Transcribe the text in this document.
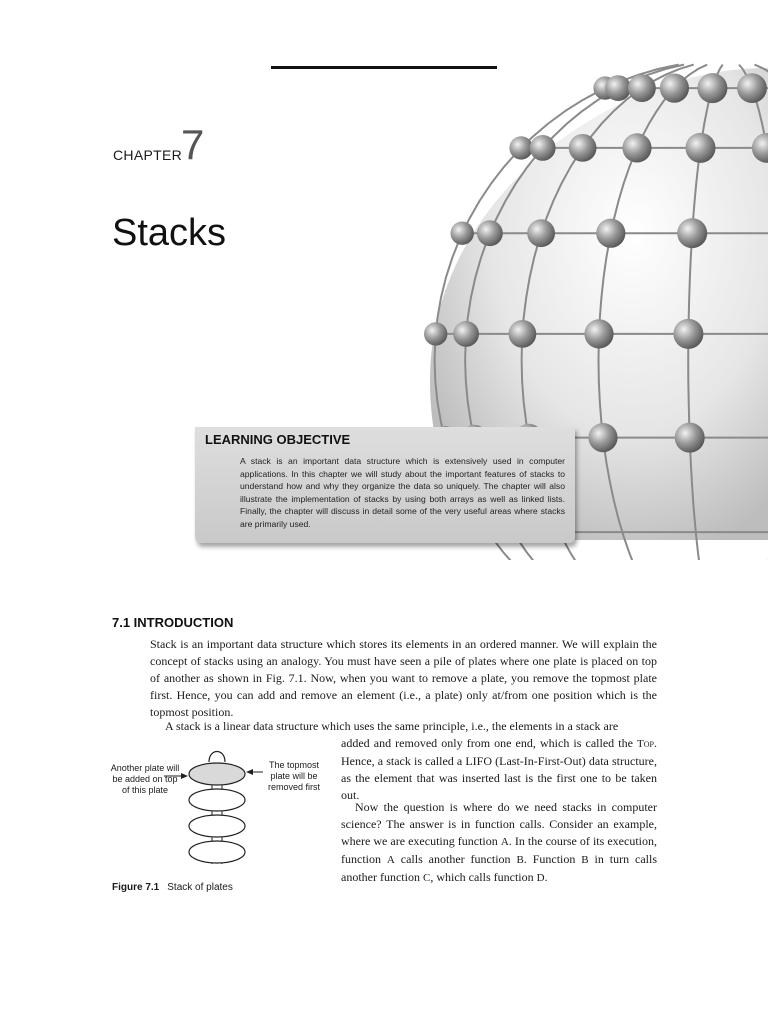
CHAPTER 7
Stacks
LEARNING OBJECTIVE
A stack is an important data structure which is extensively used in computer applications. In this chapter we will study about the important features of stacks to understand how and why they organize the data so uniquely. The chapter will also illustrate the implementation of stacks by using both arrays as well as linked lists. Finally, the chapter will discuss in detail some of the very useful areas where stacks are primarily used.
7.1 INTRODUCTION
Stack is an important data structure which stores its elements in an ordered manner. We will explain the concept of stacks using an analogy. You must have seen a pile of plates where one plate is placed on top of another as shown in Fig. 7.1. Now, when you want to remove a plate, you remove the topmost plate first. Hence, you can add and remove an element (i.e., a plate) only at/from one position which is the topmost position.
A stack is a linear data structure which uses the same principle, i.e., the elements in a stack are
added and removed only from one end, which is called the Top. Hence, a stack is called a LIFO (Last-In-First-Out) data structure, as the element that was inserted last is the first one to be taken out.
Now the question is where do we need stacks in computer science? The answer is in function calls. Consider an example, where we are executing function A. In the course of its execution, function A calls another function B. Function B in turn calls another function C, which calls function D.
Another plate will be added on top of this plate
The topmost plate will be removed first
Figure 7.1 Stack of plates
